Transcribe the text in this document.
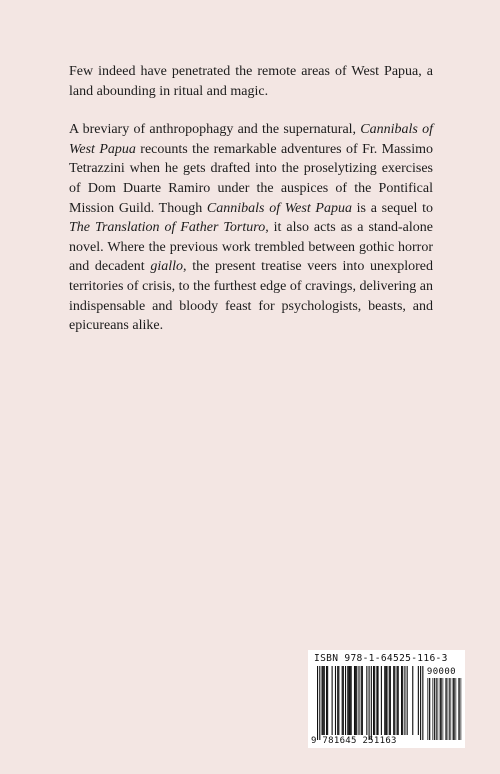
Few indeed have penetrated the remote areas of West Papua, a land abounding in ritual and magic.

A breviary of anthropophagy and the supernatural, Cannibals of West Papua recounts the remarkable adventures of Fr. Massimo Tetrazzini when he gets drafted into the proselytizing exercises of Dom Duarte Ramiro under the auspices of the Pontifical Mission Guild. Though Cannibals of West Papua is a sequel to The Translation of Father Torturo, it also acts as a stand-alone novel. Where the previous work trembled between gothic horror and decadent giallo, the present treatise veers into unexplored territories of crisis, to the furthest edge of cravings, delivering an indispensable and bloody feast for psychologists, beasts, and epicureans alike.

ISBN 978-1-64525-116-3
90000
9 781645 251163
